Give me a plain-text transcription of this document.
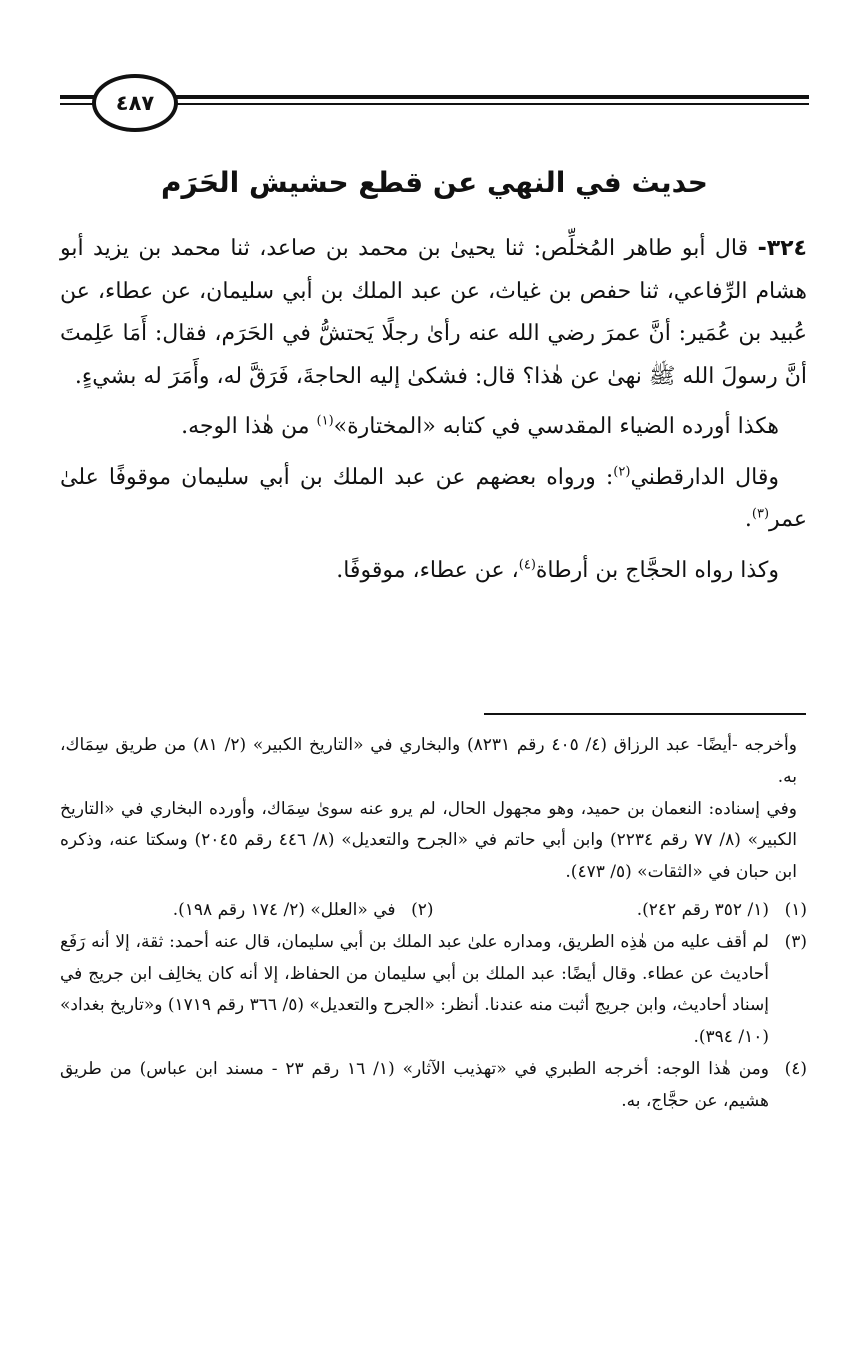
٤٨٧
حديث في النهي عن قطع حشيش الحَرَم

٣٢٤- قال أبو طاهر المُخلِّص: ثنا يحيىٰ بن محمد بن صاعد، ثنا محمد بن يزيد أبو هشام الرِّفاعي، ثنا حفص بن غياث، عن عبد الملك بن أبي سليمان، عن عطاء، عن عُبيد بن عُمَير: أنَّ عمرَ رضي الله عنه رأىٰ رجلًا يَحتشُّ في الحَرَم، فقال: أَمَا عَلِمتَ أنَّ رسولَ الله ﷺ نهىٰ عن هٰذا؟ قال: فشكىٰ إليه الحاجةَ، فَرَقَّ له، وأَمَرَ له بشيءٍ.

هكذا أورده الضياء المقدسي في كتابه «المختارة»$^{(١)}$ من هٰذا الوجه.

وقال الدارقطني$^{(٢)}$: ورواه بعضهم عن عبد الملك بن أبي سليمان موقوفًا علىٰ عمر$^{(٣)}$.

وكذا رواه الحجَّاج بن أرطاة$^{(٤)}$، عن عطاء، موقوفًا.

وأخرجه -أيضًا- عبد الرزاق (٤/ ٤٠٥ رقم ٨٢٣١) والبخاري في «التاريخ الكبير» (٢/ ٨١) من طريق سِمَاك، به.

وفي إسناده: النعمان بن حميد، وهو مجهول الحال، لم يرو عنه سوىٰ سِمَاك، وأورده البخاري في «التاريخ الكبير» (٨/ ٧٧ رقم ٢٢٣٤) وابن أبي حاتم في «الجرح والتعديل» (٨/ ٤٤٦ رقم ٢٠٤٥) وسكتا عنه، وذكره ابن حبان في «الثقات» (٥/ ٤٧٣).

(١)
(١/ ٣٥٢ رقم ٢٤٢).
(٢)
في «العلل» (٢/ ١٧٤ رقم ١٩٨).
(٣)
لم أقف عليه من هٰذِه الطريق، ومداره علىٰ عبد الملك بن أبي سليمان، قال عنه أحمد: ثقة، إلا أنه رَفَع أحاديث عن عطاء. وقال أيضًا: عبد الملك بن أبي سليمان من الحفاظ، إلا أنه كان يخالِف ابن جريج في إسناد أحاديث، وابن جريج أثبت منه عندنا. أنظر: «الجرح والتعديل» (٥/ ٣٦٦ رقم ١٧١٩) و«تاريخ بغداد» (١٠/ ٣٩٤).
(٤)
ومن هٰذا الوجه: أخرجه الطبري في «تهذيب الآثار» (١/ ١٦ رقم ٢٣ - مسند ابن عباس) من طريق هشيم، عن حجَّاج، به.
